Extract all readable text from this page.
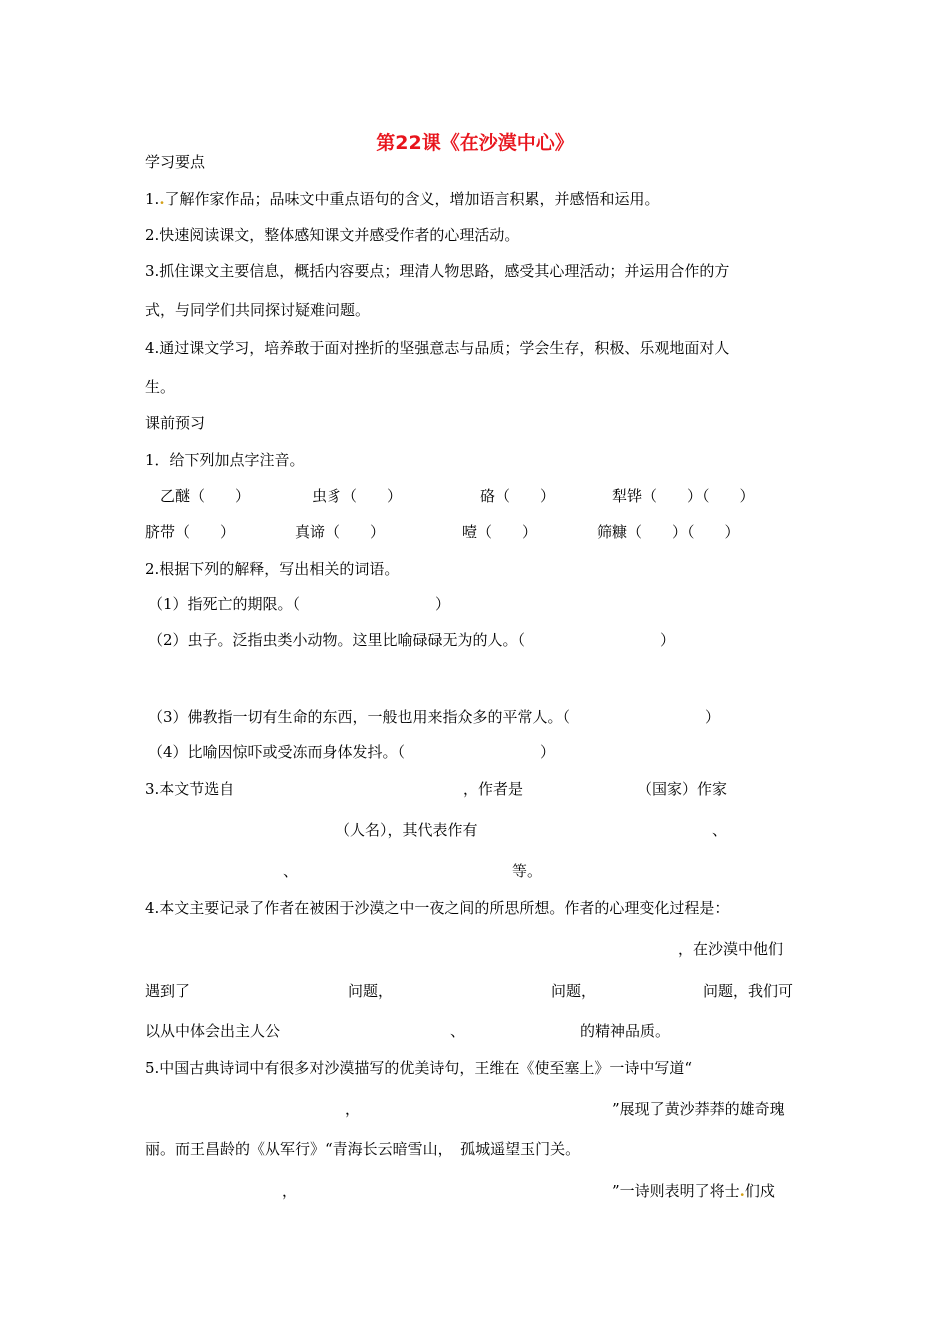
第22课《在沙漠中心》
学习要点
1..了解作家作品；品味文中重点语句的含义，增加语言积累，并感悟和运用。
2.快速阅读课文，整体感知课文并感受作者的心理活动。
3.抓住课文主要信息，概括内容要点；理清人物思路，感受其心理活动；并运用合作的方
式，与同学们共同探讨疑难问题。
4.通过课文学习，培养敢于面对挫折的坚强意志与品质；学会生存，积极、乐观地面对人
生。
课前预习
1．给下列加点字注音。
乙醚（　　）	虫豸（　　）	硌（　　）	犁铧（　　）（　　）
脐带（　　）	真谛（　　）	噎（　　）	筛糠（　　）（　　）
2.根据下列的解释，写出相关的词语。
（1）指死亡的期限。（　　　　　　　　　）
（2）虫子。泛指虫类小动物。这里比喻碌碌无为的人。（　　　　　　　　　）
（3）佛教指一切有生命的东西，一般也用来指众多的平常人。（　　　　　　　　　）
（4）比喻因惊吓或受冻而身体发抖。（　　　　　　　　　）
3.本文节选自	，作者是	（国家）作家
（人名），其代表作有	、
、	等。
4.本文主要记录了作者在被困于沙漠之中一夜之间的所思所想。作者的心理变化过程是：
，在沙漠中他们
遇到了	问题，	问题，	问题，我们可
以从中体会出主人公	、	的精神品质。
5.中国古典诗词中有很多对沙漠描写的优美诗句，王维在《使至塞上》一诗中写道“
，	”展现了黄沙莽莽的雄奇瑰
丽。而王昌龄的《从军行》“青海长云暗雪山，　孤城遥望玉门关。
，	”一诗则表明了将士.们戍
